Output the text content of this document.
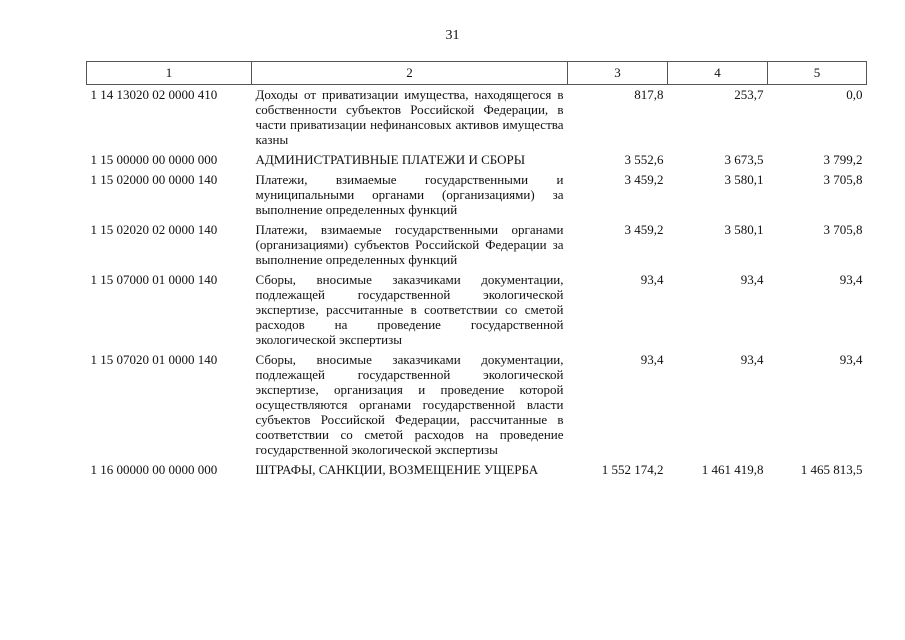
31
1	2	3	4	5
1 14 13020 02 0000 410	Доходы от приватизации имущества, находящегося в собственности субъектов Российской Федерации, в части приватизации нефинансовых активов имущества казны	817,8	253,7	0,0
1 15 00000 00 0000 000	АДМИНИСТРАТИВНЫЕ ПЛАТЕЖИ И СБОРЫ	3 552,6	3 673,5	3 799,2
1 15 02000 00 0000 140	Платежи, взимаемые государственными и муниципальными органами (организациями) за выполнение определенных функций	3 459,2	3 580,1	3 705,8
1 15 02020 02 0000 140	Платежи, взимаемые государственными органами (организациями) субъектов Российской Федерации за выполнение определенных функций	3 459,2	3 580,1	3 705,8
1 15 07000 01 0000 140	Сборы, вносимые заказчиками документации, подлежащей государственной экологической экспертизе, рассчитанные в соответствии со сметой расходов на проведение государственной экологической экспертизы	93,4	93,4	93,4
1 15 07020 01 0000 140	Сборы, вносимые заказчиками документации, подлежащей государственной экологической экспертизе, организация и проведение которой осуществляются органами государственной власти субъектов Российской Федерации, рассчитанные в соответствии со сметой расходов на проведение государственной экологической экспертизы	93,4	93,4	93,4
1 16 00000 00 0000 000	ШТРАФЫ, САНКЦИИ, ВОЗМЕЩЕНИЕ УЩЕРБА	1 552 174,2	1 461 419,8	1 465 813,5
